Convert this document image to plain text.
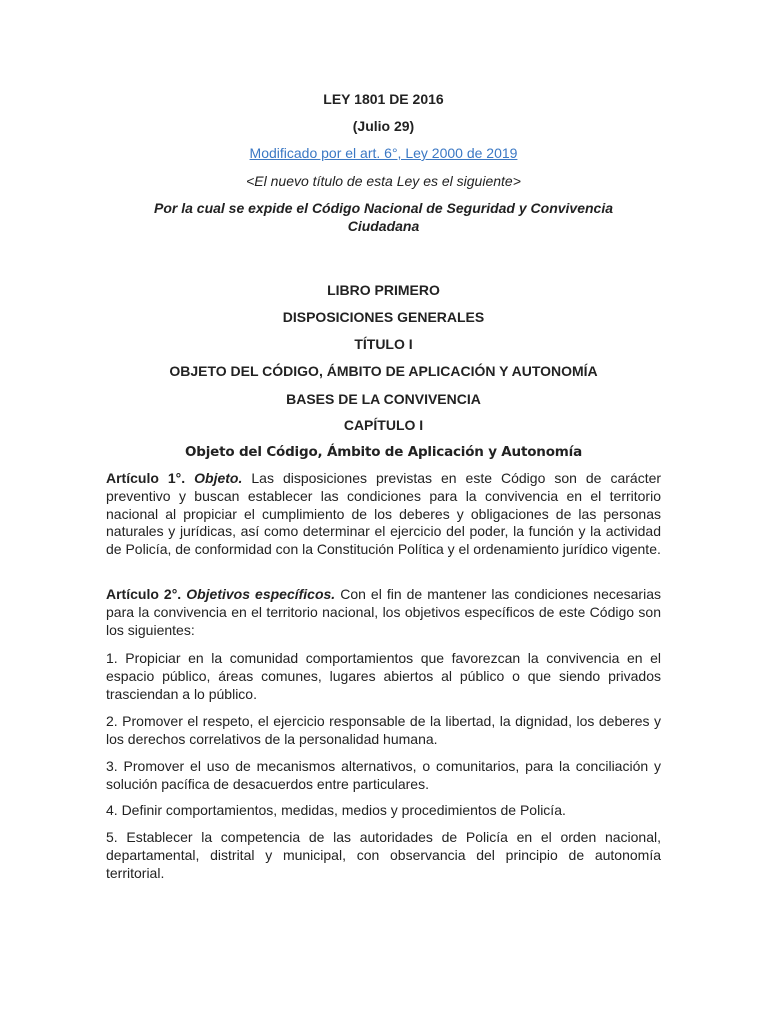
LEY 1801 DE 2016

(Julio 29)

Modificado por el art. 6°, Ley 2000 de 2019

<El nuevo título de esta Ley es el siguiente>

Por la cual se expide el Código Nacional de Seguridad y Convivencia Ciudadana

LIBRO PRIMERO

DISPOSICIONES GENERALES

TÍTULO I

OBJETO DEL CÓDIGO, ÁMBITO DE APLICACIÓN Y AUTONOMÍA

BASES DE LA CONVIVENCIA

CAPÍTULO I

Objeto del Código, Ámbito de Aplicación y Autonomía

Artículo 1°. Objeto. Las disposiciones previstas en este Código son de carácter preventivo y buscan establecer las condiciones para la convivencia en el territorio nacional al propiciar el cumplimiento de los deberes y obligaciones de las personas naturales y jurídicas, así como determinar el ejercicio del poder, la función y la actividad de Policía, de conformidad con la Constitución Política y el ordenamiento jurídico vigente.

Artículo 2°. Objetivos específicos. Con el fin de mantener las condiciones necesarias para la convivencia en el territorio nacional, los objetivos específicos de este Código son los siguientes:

1. Propiciar en la comunidad comportamientos que favorezcan la convivencia en el espacio público, áreas comunes, lugares abiertos al público o que siendo privados trasciendan a lo público.

2. Promover el respeto, el ejercicio responsable de la libertad, la dignidad, los deberes y los derechos correlativos de la personalidad humana.

3. Promover el uso de mecanismos alternativos, o comunitarios, para la conciliación y solución pacífica de desacuerdos entre particulares.

4. Definir comportamientos, medidas, medios y procedimientos de Policía.

5. Establecer la competencia de las autoridades de Policía en el orden nacional, departamental, distrital y municipal, con observancia del principio de autonomía territorial.
